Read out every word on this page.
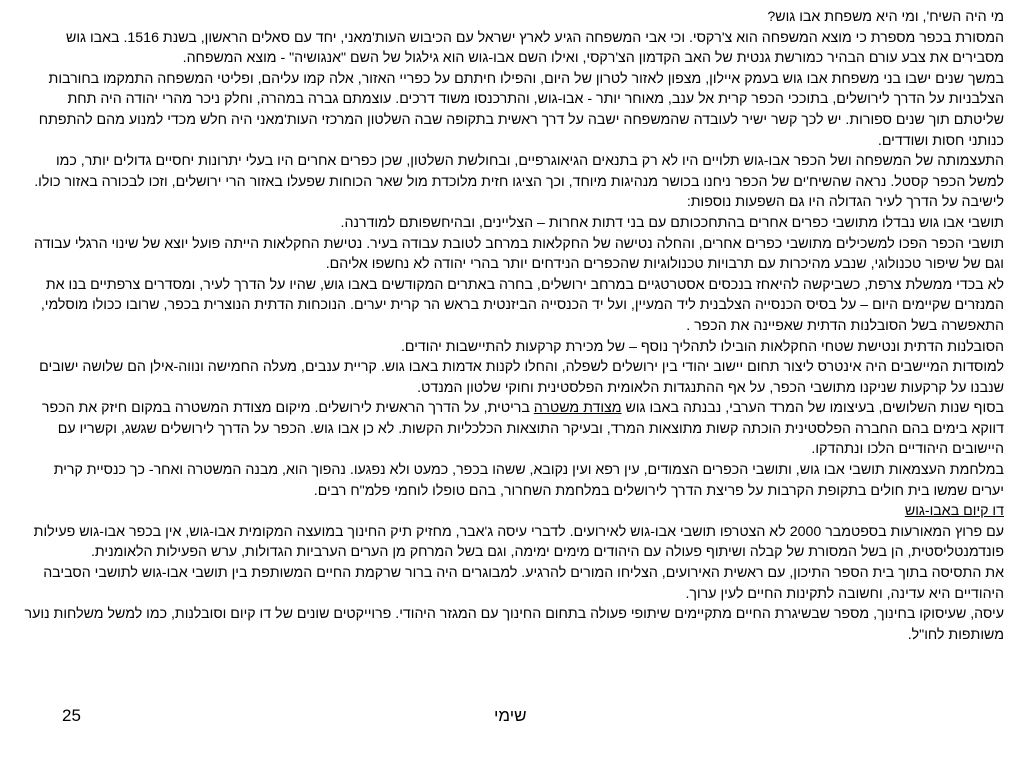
מי היה השיח', ומי היא משפחת אבו גוש?

המסורת בכפר מספרת כי מוצא המשפחה הוא צ'רקסי. וכי אבי המשפחה הגיע לארץ ישראל עם הכיבוש העות'מאני, יחד עם סאלים הראשון, בשנת 1516. באבו גוש מסבירים את צבע עורם הבהיר כמורשת גנטית של האב הקדמון הצ'רקסי, ואילו השם אבו-גוש הוא גילגול של השם "אנגושיה" - מוצא המשפחה.

במשך שנים ישבו בני משפחת אבו גוש בעמק איילון, מצפון לאזור לטרון של היום, והפילו חיתתם על כפריי האזור, אלה קמו עליהם, ופליטי המשפחה התמקמו בחורבות הצלבניות על הדרך לירושלים, בתוככי הכפר קרית אל ענב, מאוחר יותר - אבו-גוש, והתרכנסו משוד דרכים. עוצמתם גברה במהרה, וחלק ניכר מהרי יהודה היה תחת שליטתם תוך שנים ספורות. יש לכך קשר ישיר לעובדה שהמשפחה ישבה על דרך ראשית בתקופה שבה השלטון המרכזי העות'מאני היה חלש מכדי למנוע מהם להתפתח כנותני חסות ושודדים.

התעצמותה של המשפחה ושל הכפר אבו-גוש תלויים היו לא רק בתנאים הגיאוגרפיים, ובחולשת השלטון, שכן כפרים אחרים היו בעלי יתרונות יחסיים גדולים יותר, כמו למשל הכפר קסטל. נראה שהשיח'ים של הכפר ניחנו בכושר מנהיגות מיוחד, וכך הציגו חזית מלוכדת מול שאר הכוחות שפעלו באזור הרי ירושלים, וזכו לבכורה באזור כולו.

לישיבה על הדרך לעיר הגדולה היו גם השפעות נוספות:

תושבי אבו גוש נבדלו מתושבי כפרים אחרים בהתחככותם עם בני דתות אחרות – הצליינים, ובהיחשפותם למודרנה.

תושבי הכפר הפכו למשכילים מתושבי כפרים אחרים, והחלה נטישה של החקלאות במרחב לטובת עבודה בעיר. נטישת החקלאות הייתה פועל יוצא של שינוי הרגלי עבודה וגם של שיפור טכנולוגי, שנבע מהיכרות עם תרבויות טכנולוגיות שהכפרים הנידחים יותר בהרי יהודה לא נחשפו אליהם.

לא בכדי ממשלת צרפת, כשביקשה להיאחז בנכסים אסטרטגיים במרחב ירושלים, בחרה באתרים המקודשים באבו גוש, שהיו על הדרך לעיר, ומסדרים צרפתיים בנו את המנזרים שקיימים היום – על בסיס הכנסייה הצלבנית ליד המעיין, ועל יד הכנסייה הביזנטית בראש הר קרית יערים. הנוכחות הדתית הנוצרית בכפר, שרובו ככולו מוסלמי, התאפשרה בשל הסובלנות הדתית שאפיינה את הכפר .

הסובלנות הדתית ונטישת שטחי החקלאות הובילו לתהליך נוסף – של מכירת קרקעות להתיישבות יהודים.

למוסדות המיישבים היה אינטרס ליצור תחום יישוב יהודי בין ירושלים לשפלה, והחלו לקנות אדמות באבו גוש. קריית ענבים, מעלה החמישה ונווה-אילן הם שלושה ישובים שנבנו על קרקעות שניקנו מתושבי הכפר, על אף ההתנגדות הלאומית הפלסטינית וחוקי שלטון המנדט.

בסוף שנות השלושים, בעיצומו של המרד הערבי, נבנתה באבו גוש מצודת משטרה בריטית, על הדרך הראשית לירושלים. מיקום מצודת המשטרה במקום חיזק את הכפר דווקא בימים בהם החברה הפלסטינית הוכתה קשות מתוצאות המרד, ובעיקר התוצאות הכלכליות הקשות. לא כן אבו גוש. הכפר על הדרך לירושלים שגשג, וקשריו עם היישובים היהודיים הלכו ונתהדקו.

במלחמת העצמאות תושבי אבו גוש, ותושבי הכפרים הצמודים, עין רפא ועין נקובא, ששהו בכפר, כמעט ולא נפגעו. נהפוך הוא, מבנה המשטרה ואחר- כך כנסיית קרית יערים שמשו בית חולים בתקופת הקרבות על פריצת הדרך לירושלים במלחמת השחרור, בהם טופלו לוחמי פלמ"ח רבים.

דו קיום באבו-גוש

עם פרוץ המאורעות בספטמבר 2000 לא הצטרפו תושבי אבו-גוש לאירועים. לדברי עיסה ג'אבר, מחזיק תיק החינוך במועצה המקומית אבו-גוש, אין בכפר אבו-גוש פעילות פונדמנטליסטית, הן בשל המסורת של קבלה ושיתוף פעולה עם היהודים מימים ימימה, וגם בשל המרחק מן הערים הערביות הגדולות, ערש הפעילות הלאומנית.

את התסיסה בתוך בית הספר התיכון, עם ראשית האירועים, הצליחו המורים להרגיע. למבוגרים היה ברור שרקמת החיים המשותפת בין תושבי אבו-גוש לתושבי הסביבה היהודיים היא עדינה, וחשובה לתקינות החיים לעין ערוך.

עיסה, שעיסוקו בחינוך, מספר שבשיגרת החיים מתקיימים שיתופי פעולה בתחום החינוך עם המגזר היהודי. פרוייקטים שונים של דו קיום וסובלנות, כמו למשל משלחות נוער משותפות לחו"ל.

25	שימי
